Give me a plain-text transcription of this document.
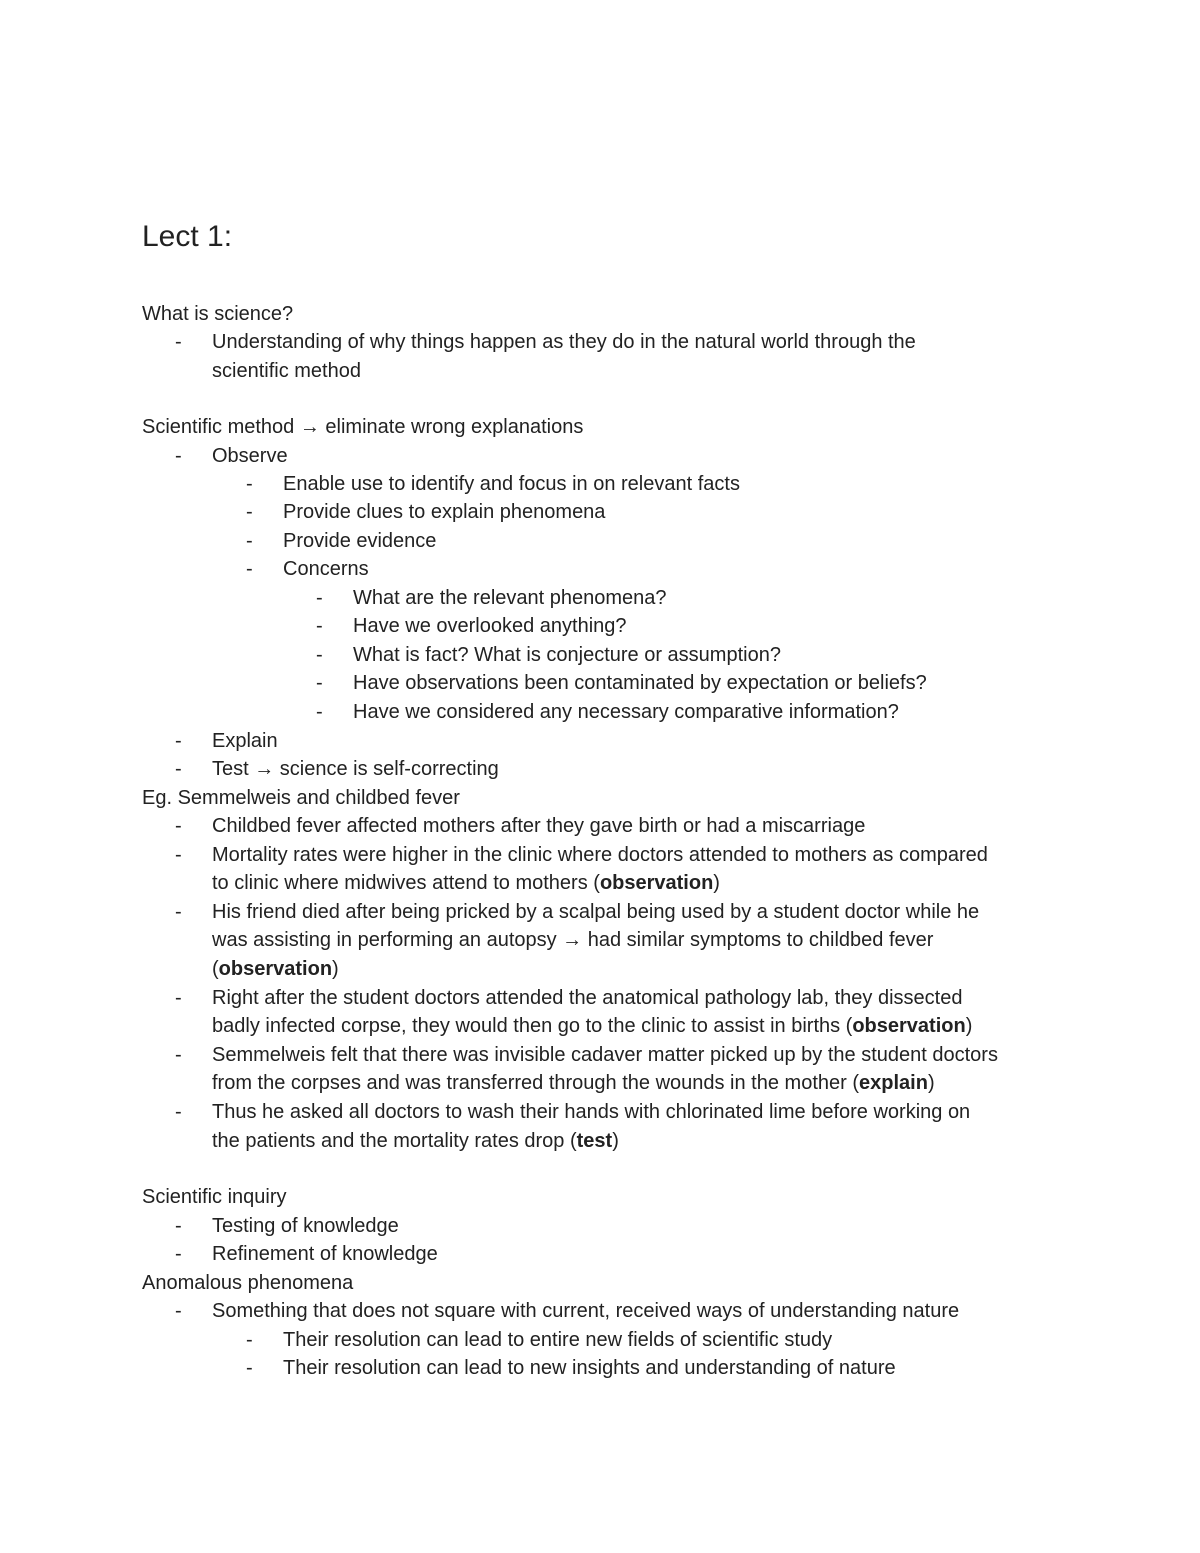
Lect 1:
What is science?
- Understanding of why things happen as they do in the natural world through the
scientific method
Scientific method → eliminate wrong explanations
- Observe
- Enable use to identify and focus in on relevant facts
- Provide clues to explain phenomena
- Provide evidence
- Concerns
- What are the relevant phenomena?
- Have we overlooked anything?
- What is fact? What is conjecture or assumption?
- Have observations been contaminated by expectation or beliefs?
- Have we considered any necessary comparative information?
- Explain
- Test → science is self-correcting
Eg. Semmelweis and childbed fever
- Childbed fever affected mothers after they gave birth or had a miscarriage
- Mortality rates were higher in the clinic where doctors attended to mothers as compared
to clinic where midwives attend to mothers (observation)
- His friend died after being pricked by a scalpal being used by a student doctor while he
was assisting in performing an autopsy → had similar symptoms to childbed fever
(observation)
- Right after the student doctors attended the anatomical pathology lab, they dissected
badly infected corpse, they would then go to the clinic to assist in births (observation)
- Semmelweis felt that there was invisible cadaver matter picked up by the student doctors
from the corpses and was transferred through the wounds in the mother (explain)
- Thus he asked all doctors to wash their hands with chlorinated lime before working on
the patients and the mortality rates drop (test)
Scientific inquiry
- Testing of knowledge
- Refinement of knowledge
Anomalous phenomena
- Something that does not square with current, received ways of understanding nature
- Their resolution can lead to entire new fields of scientific study
- Their resolution can lead to new insights and understanding of nature
